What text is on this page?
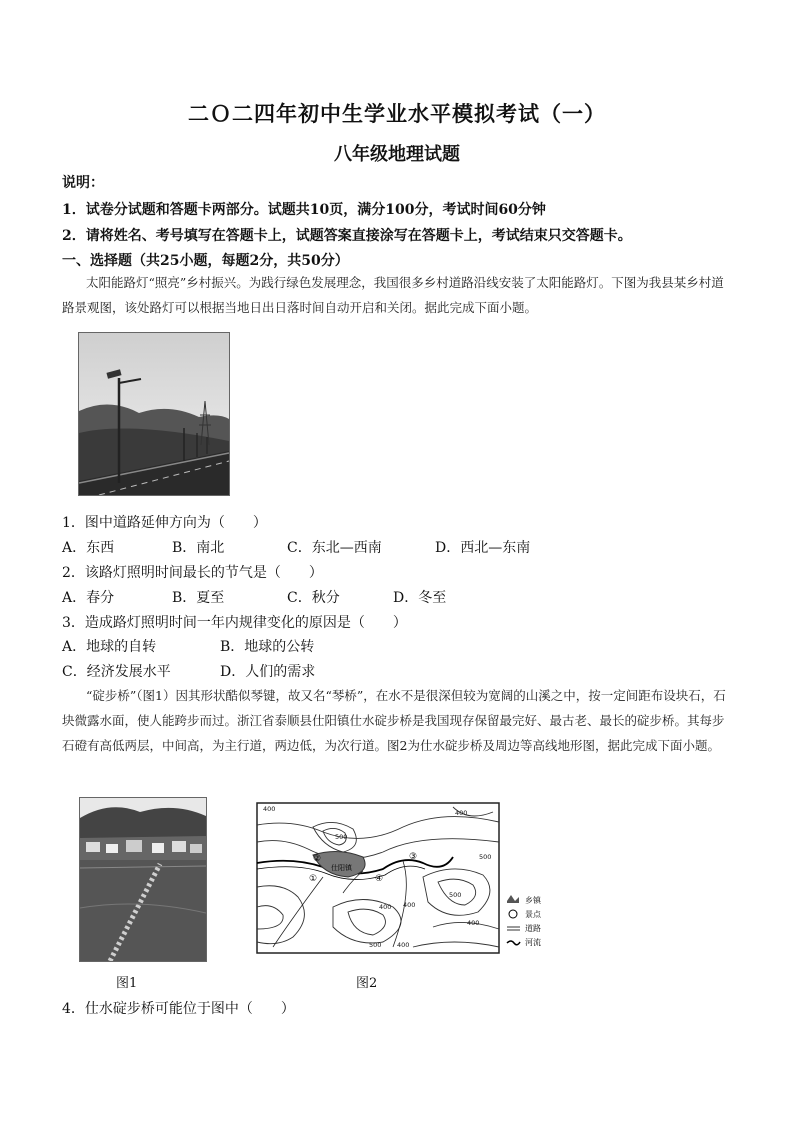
二Ｏ二四年初中生学业水平模拟考试（一）
八年级地理试题
说明：
1．试卷分试题和答题卡两部分。试题共10页，满分100分，考试时间60分钟
2．请将姓名、考号填写在答题卡上，试题答案直接涂写在答题卡上，考试结束只交答题卡。
一、选择题（共25小题，每题2分，共50分）
太阳能路灯“照亮”乡村振兴。为践行绿色发展理念，我国很多乡村道路沿线安装了太阳能路灯。下图为我县某乡村道路景观图，该处路灯可以根据当地日出日落时间自动开启和关闭。据此完成下面小题。
1．图中道路延伸方向为（　　）
A．东西	B．南北	C．东北—西南	D．西北—东南
2．该路灯照明时间最长的节气是（　　）
A．春分	B．夏至	C．秋分	D．冬至
3．造成路灯照明时间一年内规律变化的原因是（　　）
A．地球的自转	B．地球的公转
C．经济发展水平	D．人们的需求
“碇步桥”（图1）因其形状酷似琴键，故又名“琴桥”，在水不是很深但较为宽阔的山溪之中，按一定间距布设块石，石块微露水面，使人能跨步而过。浙江省泰顺县仕阳镇仕水碇步桥是我国现存保留最完好、最古老、最长的碇步桥。其每步石磴有高低两层，中间高，为主行道，两边低，为次行道。图2为仕水碇步桥及周边等高线地形图，据此完成下面小题。
图1
仕阳镇
400
500
400
500
400
400
400
500
500 400
①
②	③
④
乡镇
景点
道路
河流
图2
4．仕水碇步桥可能位于图中（　　）
